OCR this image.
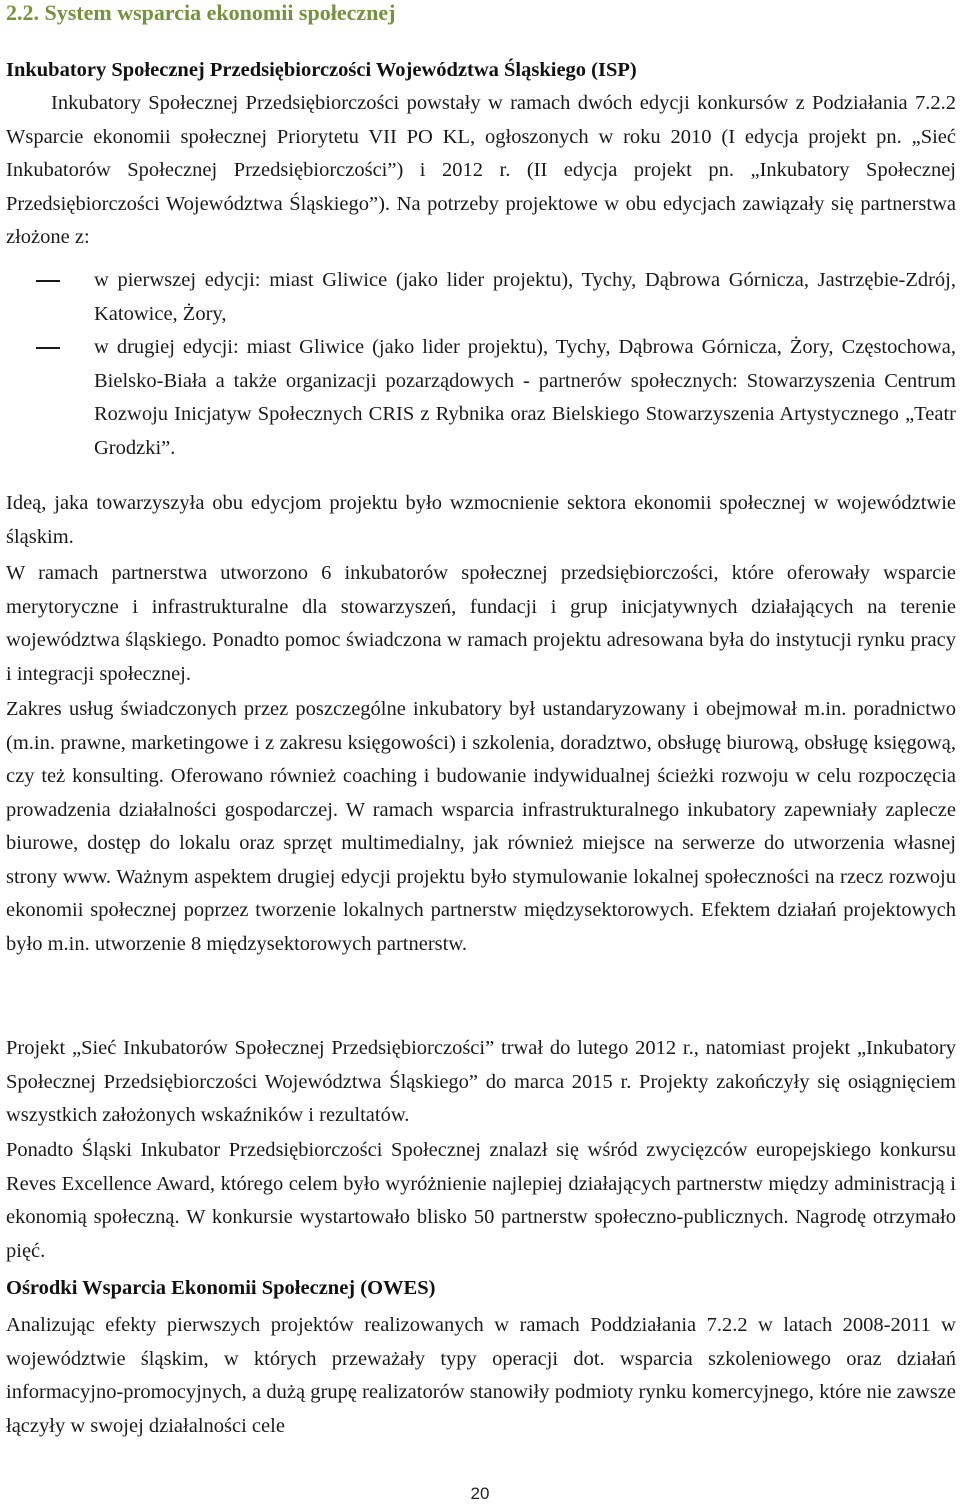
2.2. System wsparcia ekonomii społecznej
Inkubatory Społecznej Przedsiębiorczości Województwa Śląskiego (ISP)

Inkubatory Społecznej Przedsiębiorczości powstały w ramach dwóch edycji konkursów z Podziałania 7.2.2 Wsparcie ekonomii społecznej Priorytetu VII PO KL, ogłoszonych w roku 2010 (I edycja projekt pn. „Sieć Inkubatorów Społecznej Przedsiębiorczości”) i 2012 r. (II edycja projekt pn. „Inkubatory Społecznej Przedsiębiorczości Województwa Śląskiego”). Na potrzeby projektowe w obu edycjach zawiązały się partnerstwa złożone z:

w pierwszej edycji: miast Gliwice (jako lider projektu), Tychy, Dąbrowa Górnicza, Jastrzębie-Zdrój, Katowice, Żory,
w drugiej edycji: miast Gliwice (jako lider projektu), Tychy, Dąbrowa Górnicza, Żory, Częstochowa, Bielsko-Biała a także organizacji pozarządowych - partnerów społecznych: Stowarzyszenia Centrum Rozwoju Inicjatyw Społecznych CRIS z Rybnika oraz Bielskiego Stowarzyszenia Artystycznego „Teatr Grodzki”.

Ideą, jaka towarzyszyła obu edycjom projektu było wzmocnienie sektora ekonomii społecznej w województwie śląskim.

W ramach partnerstwa utworzono 6 inkubatorów społecznej przedsiębiorczości, które oferowały wsparcie merytoryczne i infrastrukturalne dla stowarzyszeń, fundacji i grup inicjatywnych działających na terenie województwa śląskiego. Ponadto pomoc świadczona w ramach projektu adresowana była do instytucji rynku pracy i integracji społecznej.

Zakres usług świadczonych przez poszczególne inkubatory był ustandaryzowany i obejmował m.in. poradnictwo (m.in. prawne, marketingowe i z zakresu księgowości) i szkolenia, doradztwo, obsługę biurową, obsługę księgową, czy też konsulting. Oferowano również coaching i budowanie indywidualnej ścieżki rozwoju w celu rozpoczęcia prowadzenia działalności gospodarczej. W ramach wsparcia infrastrukturalnego inkubatory zapewniały zaplecze biurowe, dostęp do lokalu oraz sprzęt multimedialny, jak również miejsce na serwerze do utworzenia własnej strony www. Ważnym aspektem drugiej edycji projektu było stymulowanie lokalnej społeczności na rzecz rozwoju ekonomii społecznej poprzez tworzenie lokalnych partnerstw międzysektorowych. Efektem działań projektowych było m.in. utworzenie 8 międzysektorowych partnerstw.

Projekt „Sieć Inkubatorów Społecznej Przedsiębiorczości” trwał do lutego 2012 r., natomiast projekt „Inkubatory Społecznej Przedsiębiorczości Województwa Śląskiego” do marca 2015 r. Projekty zakończyły się osiągnięciem wszystkich założonych wskaźników i rezultatów.

Ponadto Śląski Inkubator Przedsiębiorczości Społecznej znalazł się wśród zwycięzców europejskiego konkursu Reves Excellence Award, którego celem było wyróżnienie najlepiej działających partnerstw między administracją i ekonomią społeczną. W konkursie wystartowało blisko 50 partnerstw społeczno-publicznych. Nagrodę otrzymało pięć.

Ośrodki Wsparcia Ekonomii Społecznej (OWES)

Analizując efekty pierwszych projektów realizowanych w ramach Poddziałania 7.2.2 w latach 2008-2011 w województwie śląskim, w których przeważały typy operacji dot. wsparcia szkoleniowego oraz działań informacyjno-promocyjnych, a dużą grupę realizatorów stanowiły podmioty rynku komercyjnego, które nie zawsze łączyły w swojej działalności cele

20
